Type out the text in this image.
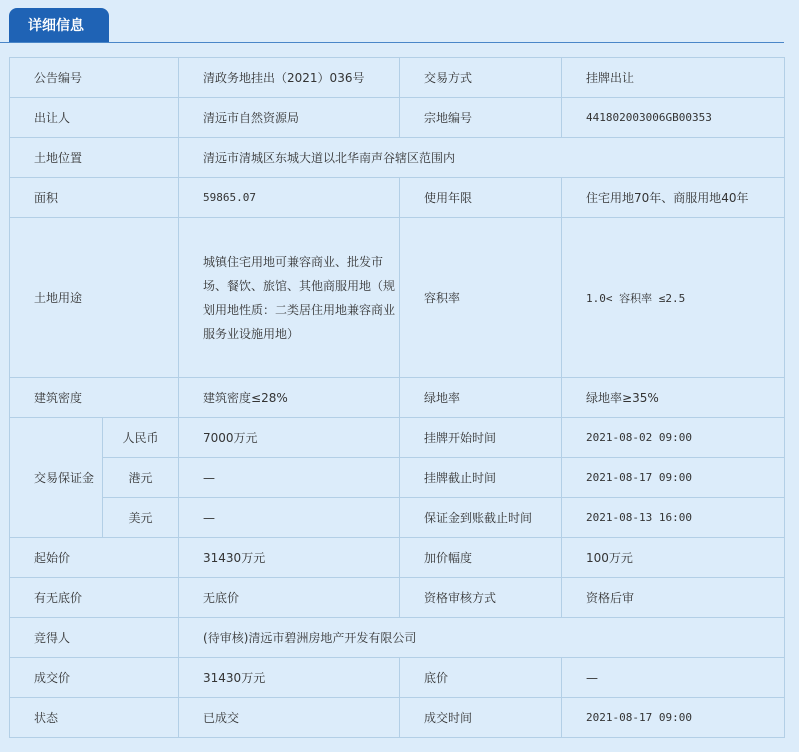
详细信息
公告编号		清政务地挂出（2021）036号	交易方式	挂牌出让
出让人		清远市自然资源局	宗地编号	441802003006GB00353
土地位置		清远市清城区东城大道以北华南声谷辖区范围内		
面积		59865.07	使用年限	住宅用地70年、商服用地40年
土地用途		城镇住宅用地可兼容商业、批发市场、餐饮、旅馆、其他商服用地（规划用地性质：二类居住用地兼容商业服务业设施用地）	容积率	1.0< 容积率 ≤2.5
建筑密度		建筑密度≤28%	绿地率	绿地率≥35%
交易保证金	人民币	7000万元	挂牌开始时间	2021-08-02 09:00
	港元	—	挂牌截止时间	2021-08-17 09:00
	美元	—	保证金到账截止时间	2021-08-13 16:00
起始价		31430万元	加价幅度	100万元
有无底价		无底价	资格审核方式	资格后审
竞得人		(待审核)清远市碧洲房地产开发有限公司		
成交价		31430万元	底价	—
状态		已成交	成交时间	2021-08-17 09:00
